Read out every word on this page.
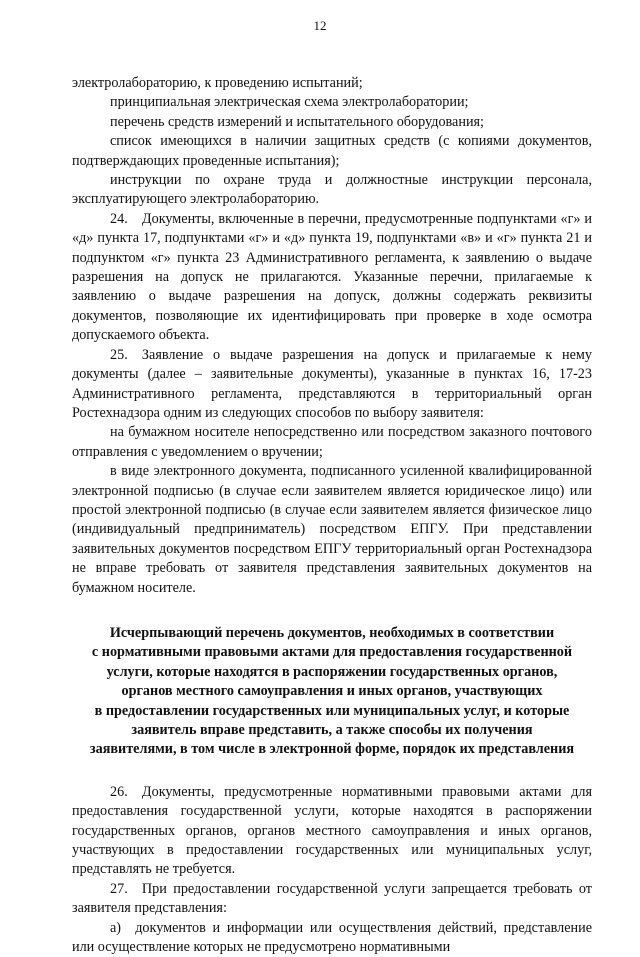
12

электролабораторию, к проведению испытаний;

принципиальная электрическая схема электролаборатории;

перечень средств измерений и испытательного оборудования;

список имеющихся в наличии защитных средств (с копиями документов, подтверждающих проведенные испытания);

инструкции по охране труда и должностные инструкции персонала, эксплуатирующего электролабораторию.

24. Документы, включенные в перечни, предусмотренные подпунктами «г» и «д» пункта 17, подпунктами «г» и «д» пункта 19, подпунктами «в» и «г» пункта 21 и подпунктом «г» пункта 23 Административного регламента, к заявлению о выдаче разрешения на допуск не прилагаются. Указанные перечни, прилагаемые к заявлению о выдаче разрешения на допуск, должны содержать реквизиты документов, позволяющие их идентифицировать при проверке в ходе осмотра допускаемого объекта.

25. Заявление о выдаче разрешения на допуск и прилагаемые к нему документы (далее – заявительные документы), указанные в пунктах 16, 17-23 Административного регламента, представляются в территориальный орган Ростехнадзора одним из следующих способов по выбору заявителя:

на бумажном носителе непосредственно или посредством заказного почтового отправления с уведомлением о вручении;

в виде электронного документа, подписанного усиленной квалифицированной электронной подписью (в случае если заявителем является юридическое лицо) или простой электронной подписью (в случае если заявителем является физическое лицо (индивидуальный предприниматель) посредством ЕПГУ. При представлении заявительных документов посредством ЕПГУ территориальный орган Ростехнадзора не вправе требовать от заявителя представления заявительных документов на бумажном носителе.

Исчерпывающий перечень документов, необходимых в соответствии
с нормативными правовыми актами для предоставления государственной
услуги, которые находятся в распоряжении государственных органов,
органов местного самоуправления и иных органов, участвующих
в предоставлении государственных или муниципальных услуг, и которые
заявитель вправе представить, а также способы их получения
заявителями, в том числе в электронной форме, порядок их представления

26. Документы, предусмотренные нормативными правовыми актами для предоставления государственной услуги, которые находятся в распоряжении государственных органов, органов местного самоуправления и иных органов, участвующих в предоставлении государственных или муниципальных услуг, представлять не требуется.

27. При предоставлении государственной услуги запрещается требовать от заявителя представления:

а) документов и информации или осуществления действий, представление или осуществление которых не предусмотрено нормативными
